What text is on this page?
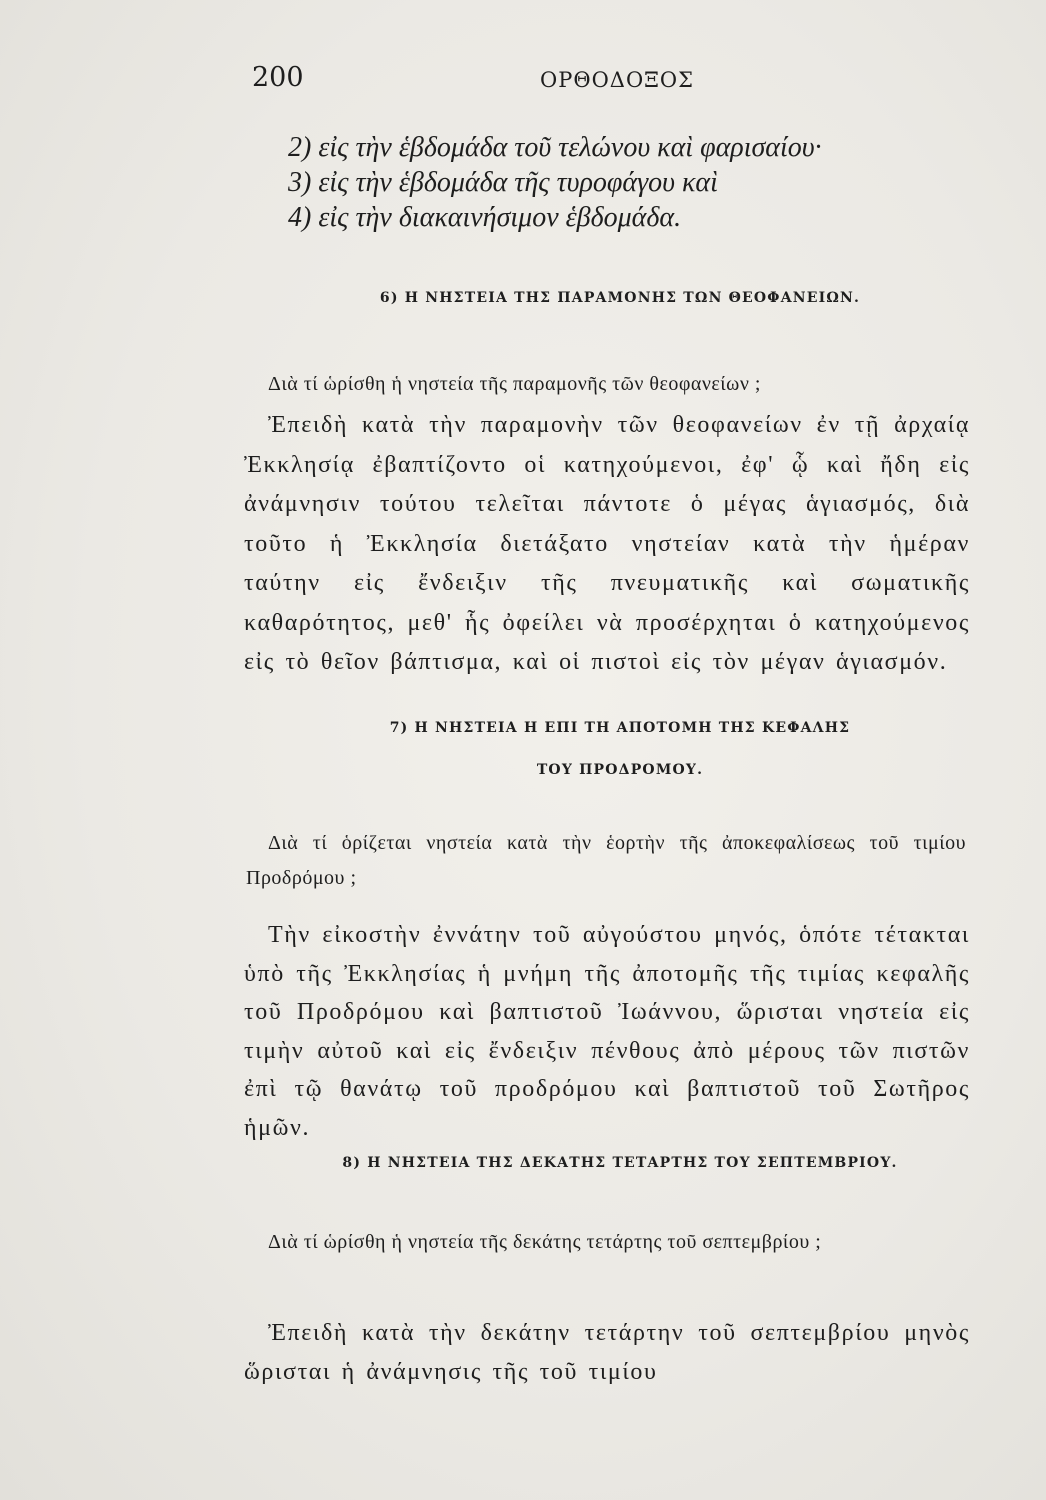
200	ΟΡΘΟΔΟΞΟΣ
2) εἰς τὴν ἑβδομάδα τοῦ τελώνου καὶ φαρισαίου·
3) εἰς τὴν ἑβδομάδα τῆς τυροφάγου καὶ
4) εἰς τὴν διακαινήσιμον ἑβδομάδα.
6) Η ΝΗΣΤΕΙΑ ΤΗΣ ΠΑΡΑΜΟΝΗΣ ΤΩΝ ΘΕΟΦΑΝΕΙΩΝ.

Διὰ τί ὡρίσθη ἡ νηστεία τῆς παραμονῆς τῶν θεοφανείων ;

Ἐπειδὴ κατὰ τὴν παραμονὴν τῶν θεοφανείων ἐν τῇ ἀρχαίᾳ Ἐκκλησίᾳ ἐβαπτίζοντο οἱ κατηχούμενοι, ἐφ' ᾧ καὶ ἤδη εἰς ἀνάμνησιν τούτου τελεῖται πάντοτε ὁ μέγας ἁγιασμός, διὰ τοῦτο ἡ Ἐκκλησία διετάξατο νηστείαν κατὰ τὴν ἡμέραν ταύτην εἰς ἔνδειξιν τῆς πνευματικῆς καὶ σωματικῆς καθαρότητος, μεθ' ἧς ὀφείλει νὰ προσέρχηται ὁ κατηχούμενος εἰς τὸ θεῖον βάπτισμα, καὶ οἱ πιστοὶ εἰς τὸν μέγαν ἁγιασμόν.

7) Η ΝΗΣΤΕΙΑ Η ΕΠΙ ΤΗ ΑΠΟΤΟΜΗ ΤΗΣ ΚΕΦΑΛΗΣ
ΤΟΥ ΠΡΟΔΡΟΜΟΥ.

Διὰ τί ὁρίζεται νηστεία κατὰ τὴν ἑορτὴν τῆς ἀποκεφαλίσεως τοῦ τιμίου Προδρόμου ;

Τὴν εἰκοστὴν ἐννάτην τοῦ αὐγούστου μηνός, ὁπότε τέτακται ὑπὸ τῆς Ἐκκλησίας ἡ μνήμη τῆς ἀποτομῆς τῆς τιμίας κεφαλῆς τοῦ Προδρόμου καὶ βαπτιστοῦ Ἰωάννου, ὥρισται νηστεία εἰς τιμὴν αὐτοῦ καὶ εἰς ἔνδειξιν πένθους ἀπὸ μέρους τῶν πιστῶν ἐπὶ τῷ θανάτῳ τοῦ προδρόμου καὶ βαπτιστοῦ τοῦ Σωτῆρος ἡμῶν.

8) Η ΝΗΣΤΕΙΑ ΤΗΣ ΔΕΚΑΤΗΣ ΤΕΤΑΡΤΗΣ ΤΟΥ ΣΕΠΤΕΜΒΡΙΟΥ.

Διὰ τί ὡρίσθη ἡ νηστεία τῆς δεκάτης τετάρτης τοῦ σεπτεμβρίου ;

Ἐπειδὴ κατὰ τὴν δεκάτην τετάρτην τοῦ σεπτεμβρίου μηνὸς ὥρισται ἡ ἀνάμνησις τῆς τοῦ τιμίου
